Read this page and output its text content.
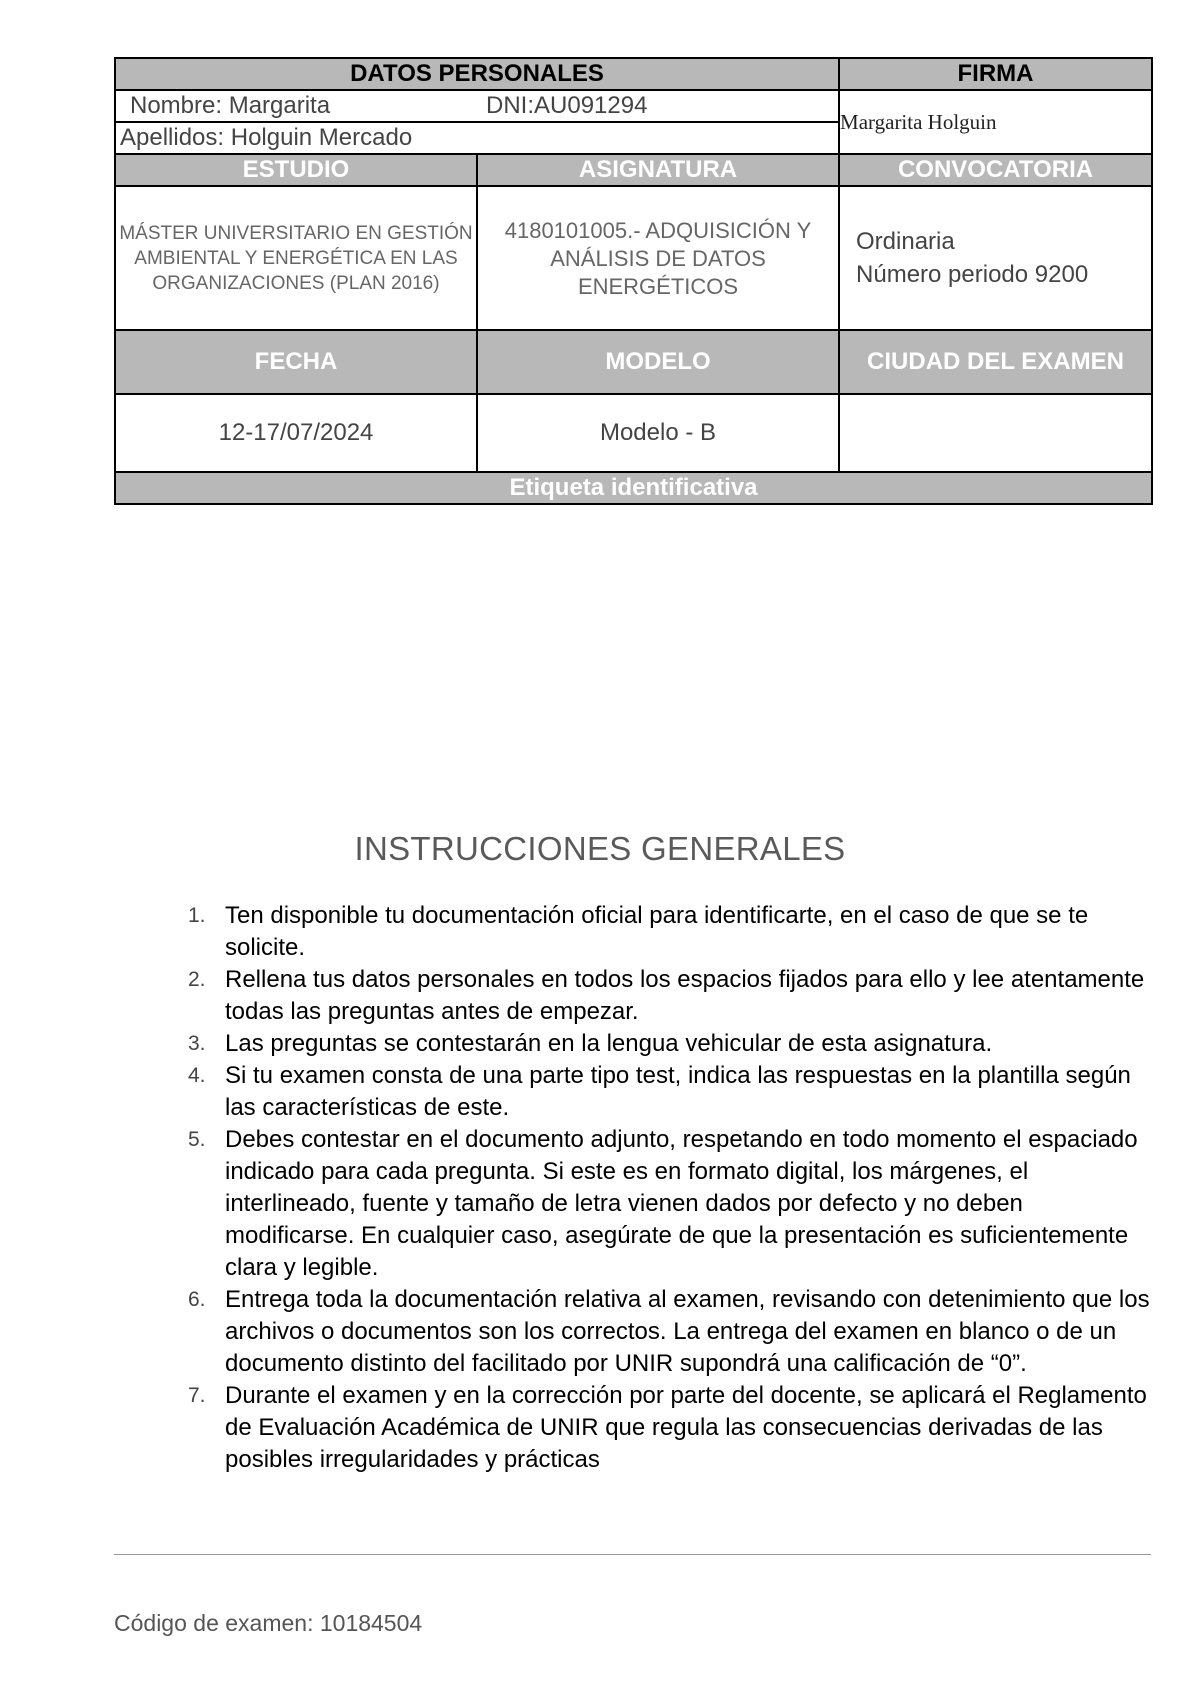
DATOS PERSONALES		FIRMA
Nombre: Margarita DNI:AU091294		Margarita Holguin
Apellidos: Holguin Mercado		
ESTUDIO	ASIGNATURA	CONVOCATORIA
MÁSTER UNIVERSITARIO EN GESTIÓN AMBIENTAL Y ENERGÉTICA EN LAS ORGANIZACIONES (PLAN 2016)	4180101005.- ADQUISICIÓN Y ANÁLISIS DE DATOS ENERGÉTICOS	Ordinaria
Número periodo 9200

FECHA	MODELO	CIUDAD DEL EXAMEN
12-17/07/2024	Modelo - B	
Etiqueta identificativa		
INSTRUCCIONES GENERALES
1. Ten disponible tu documentación oficial para identificarte, en el caso de que se te solicite.
2. Rellena tus datos personales en todos los espacios fijados para ello y lee atentamente todas las preguntas antes de empezar.
3. Las preguntas se contestarán en la lengua vehicular de esta asignatura.
4. Si tu examen consta de una parte tipo test, indica las respuestas en la plantilla según las características de este.
5. Debes contestar en el documento adjunto, respetando en todo momento el espaciado indicado para cada pregunta. Si este es en formato digital, los márgenes, el interlineado, fuente y tamaño de letra vienen dados por defecto y no deben modificarse. En cualquier caso, asegúrate de que la presentación es suficientemente clara y legible.
6. Entrega toda la documentación relativa al examen, revisando con detenimiento que los archivos o documentos son los correctos. La entrega del examen en blanco o de un documento distinto del facilitado por UNIR supondrá una calificación de “0”.
7. Durante el examen y en la corrección por parte del docente, se aplicará el Reglamento de Evaluación Académica de UNIR que regula las consecuencias derivadas de las posibles irregularidades y prácticas
Código de examen: 10184504
